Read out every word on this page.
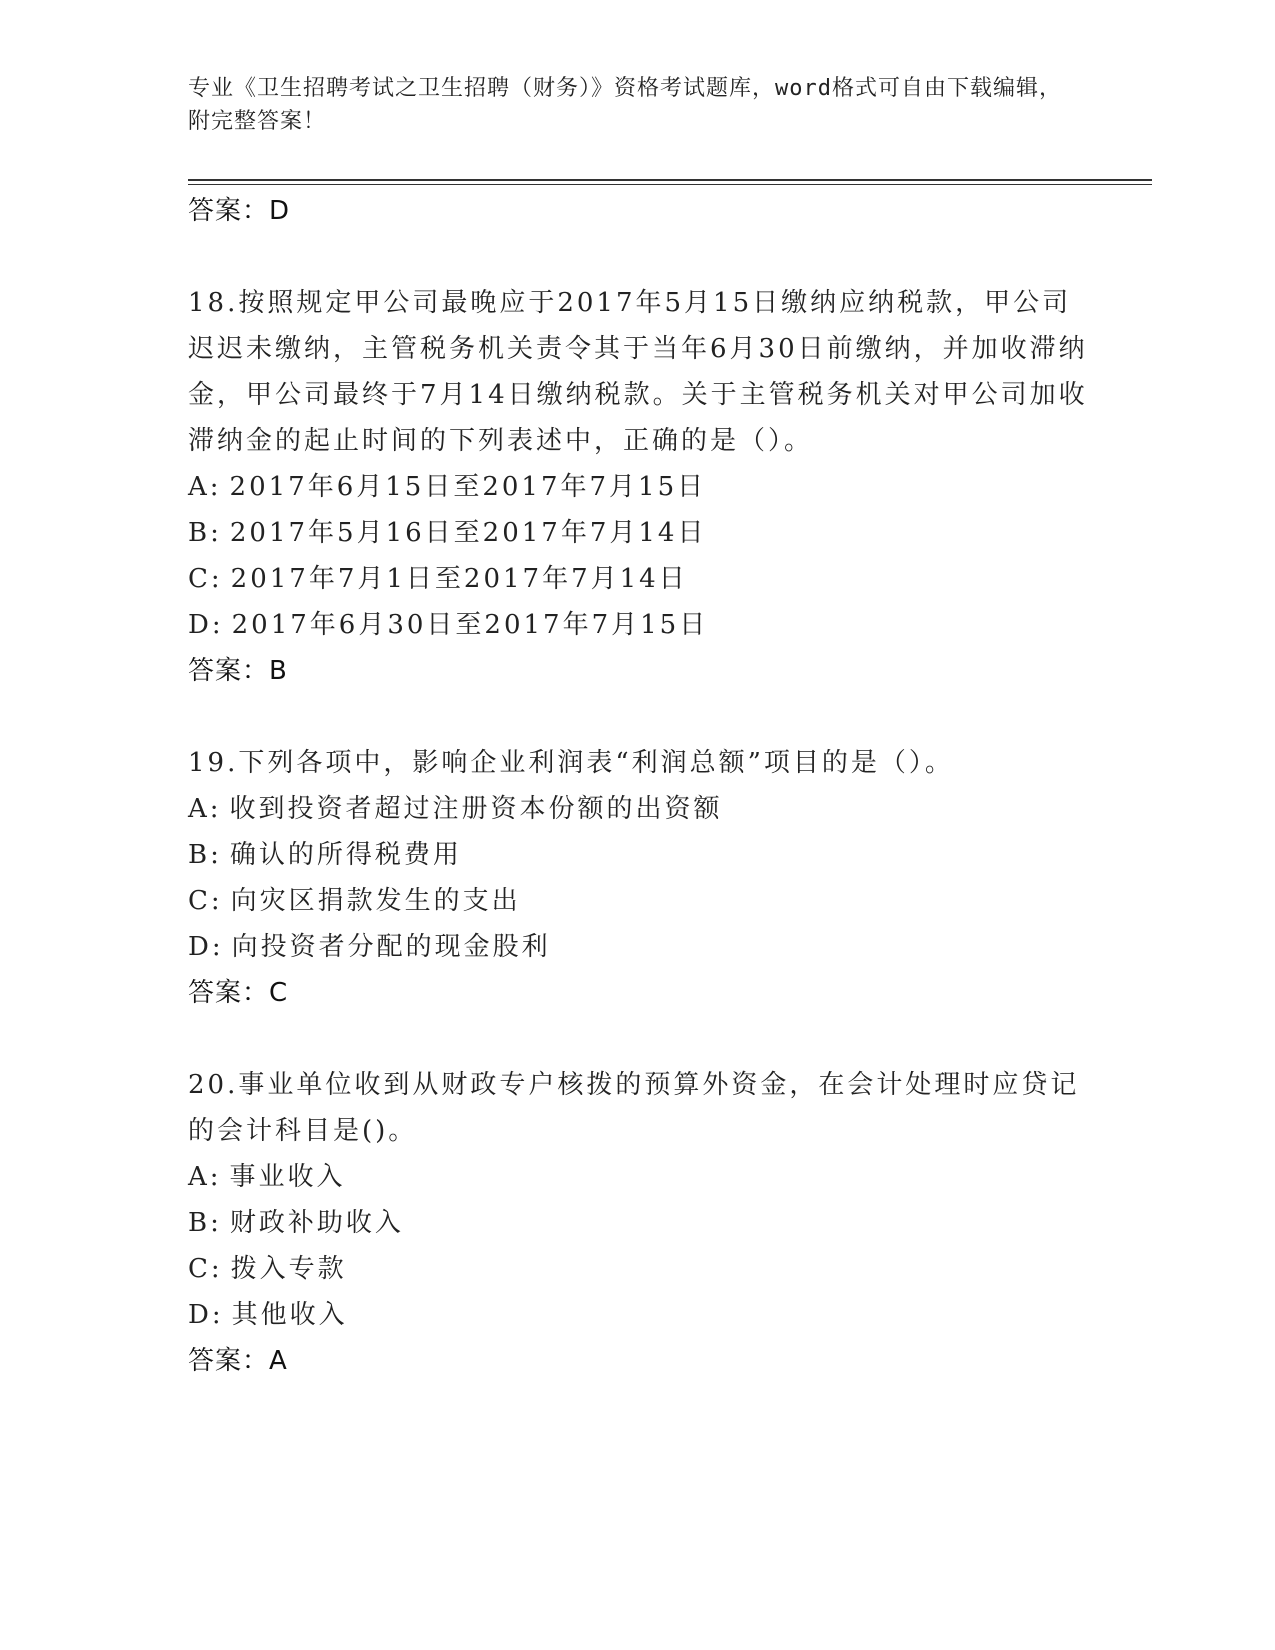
专业《卫生招聘考试之卫生招聘（财务）》资格考试题库，word格式可自由下载编辑，附完整答案！
答案：D
18.按照规定甲公司最晚应于2017年5月15日缴纳应纳税款，甲公司迟迟未缴纳，主管税务机关责令其于当年6月30日前缴纳，并加收滞纳金，甲公司最终于7月14日缴纳税款。关于主管税务机关对甲公司加收滞纳金的起止时间的下列表述中，正确的是（）。
A: 2017年6月15日至2017年7月15日
B: 2017年5月16日至2017年7月14日
C: 2017年7月1日至2017年7月14日
D: 2017年6月30日至2017年7月15日
答案：B
19.下列各项中，影响企业利润表“利润总额”项目的是（）。
A: 收到投资者超过注册资本份额的出资额
B: 确认的所得税费用
C: 向灾区捐款发生的支出
D: 向投资者分配的现金股利
答案：C
20.事业单位收到从财政专户核拨的预算外资金，在会计处理时应贷记的会计科目是()。
A: 事业收入
B: 财政补助收入
C: 拨入专款
D: 其他收入
答案：A
